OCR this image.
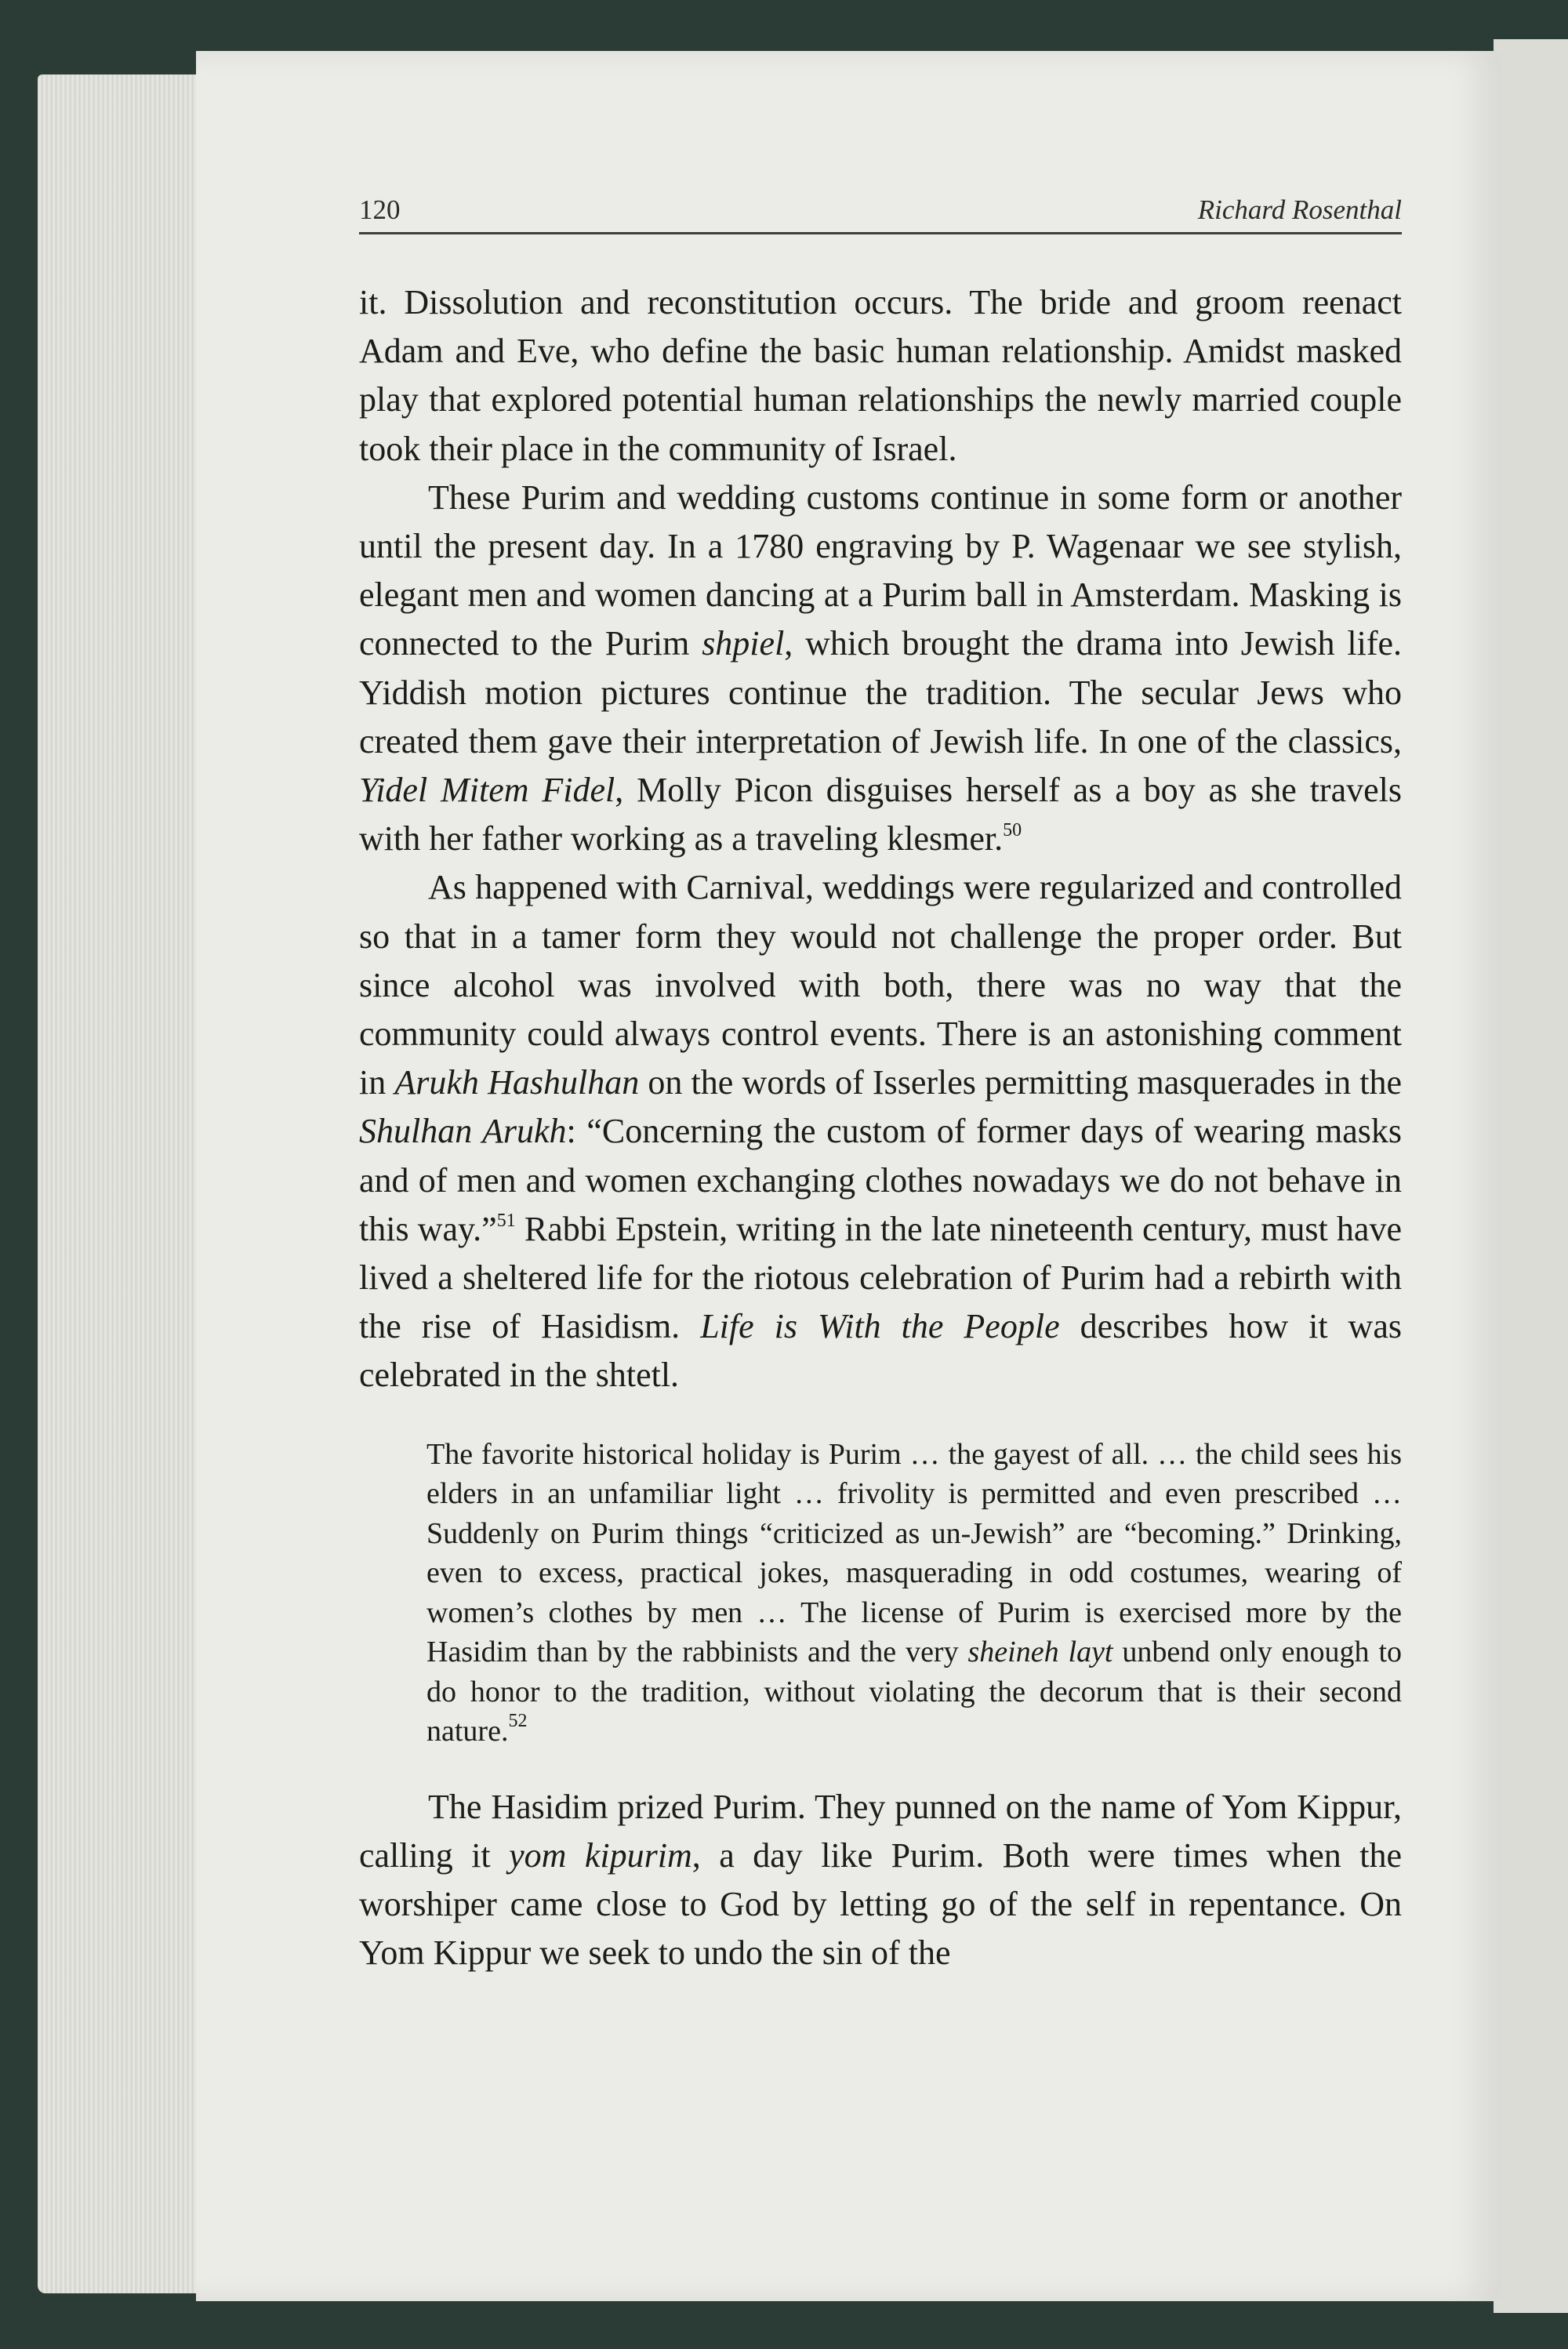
120	Richard Rosenthal

it. Dissolution and reconstitution occurs. The bride and groom reenact Adam and Eve, who define the basic human relationship. Amidst masked play that explored potential human relationships the newly married couple took their place in the community of Israel.

These Purim and wedding customs continue in some form or another until the present day. In a 1780 engraving by P. Wagenaar we see stylish, elegant men and women dancing at a Purim ball in Amsterdam. Masking is connected to the Purim shpiel, which brought the drama into Jewish life. Yiddish motion pictures continue the tradition. The secular Jews who created them gave their interpretation of Jewish life. In one of the classics, Yidel Mitem Fidel, Molly Picon disguises herself as a boy as she travels with her father working as a traveling klesmer.$^{50}$

As happened with Carnival, weddings were regularized and controlled so that in a tamer form they would not challenge the proper order. But since alcohol was involved with both, there was no way that the community could always control events. There is an astonishing comment in Arukh Hashulhan on the words of Isserles permitting masquerades in the Shulhan Arukh: “Concerning the custom of former days of wearing masks and of men and women exchanging clothes nowadays we do not behave in this way.”$^{51}$ Rabbi Epstein, writing in the late nineteenth century, must have lived a sheltered life for the riotous celebration of Purim had a rebirth with the rise of Hasidism. Life is With the People describes how it was celebrated in the shtetl.

The favorite historical holiday is Purim … the gayest of all. … the child sees his elders in an unfamiliar light … frivolity is permitted and even prescribed … Suddenly on Purim things “criticized as un-Jewish” are “becoming.” Drinking, even to excess, practical jokes, masquerading in odd costumes, wearing of women’s clothes by men … The license of Purim is exercised more by the Hasidim than by the rabbinists and the very sheineh layt unbend only enough to do honor to the tradition, without violating the decorum that is their second nature.$^{52}$

The Hasidim prized Purim. They punned on the name of Yom Kippur, calling it yom kipurim, a day like Purim. Both were times when the worshiper came close to God by letting go of the self in repentance. On Yom Kippur we seek to undo the sin of the
